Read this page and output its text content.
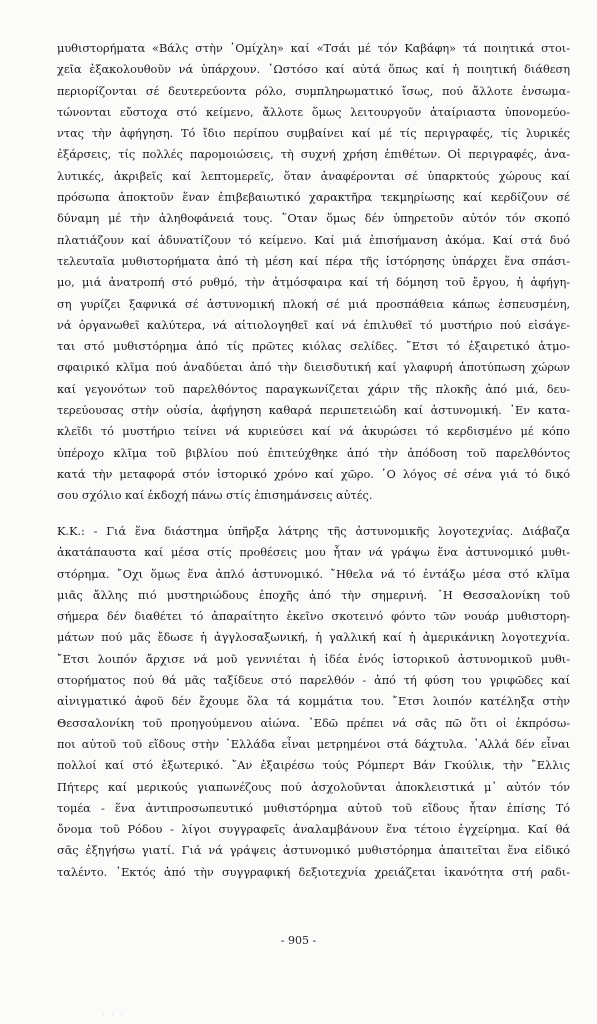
μυθιστορήματα «Βάλς στὴν ῾Ομίχλη» καί «Τσάι μέ τόν Καβάφη» τά ποιητικά στοι-
χεῖα ἐξακολουθοῦν νά ὑπάρχουν. ᾿Ωστόσο καί αὐτά ὅπως καί ἡ ποιητική διάθεση
περιορίζονται σέ δευτερεύοντα ρόλο, συμπληρωματικό ἴσως, πού ἄλλοτε ἐνσωμα-
τώνονται εὔστοχα στό κείμενο, ἄλλοτε ὅμως λειτουργοῦν ἀταίριαστα ὑπονομεύο-
ντας τὴν ἀφήγηση. Τό ἴδιο περίπου συμβαίνει καί μέ τίς περιγραφές, τίς λυρικές
ἐξάρσεις, τίς πολλές παρομοιώσεις, τὴ συχνή χρήση ἐπιθέτων. Οἱ περιγραφές, ἀνα-
λυτικές, ἀκριβεῖς καί λεπτομερεῖς, ὅταν ἀναφέρονται σέ ὑπαρκτούς χώρους καί
πρόσωπα ἀποκτοῦν ἕναν ἐπιβεβαιωτικό χαρακτῆρα τεκμηρίωσης καί κερδίζουν σέ
δύναμη μέ τὴν ἀληθοφάνειά τους. ῞Οταν ὅμως δέν ὑπηρετοῦν αὐτόν τόν σκοπό
πλατιάζουν καί ἀδυνατίζουν τό κείμενο. Καί μιά ἐπισήμανση ἀκόμα. Καί στά δυό
τελευταῖα μυθιστορήματα ἀπό τὴ μέση καί πέρα τῆς ἱστόρησης ὑπάρχει ἕνα σπάσι-
μο, μιά ἀνατροπή στό ρυθμό, τὴν ἀτμόσφαιρα καί τή δόμηση τοῦ ἔργου, ἡ ἀφήγη-
ση γυρίζει ξαφνικά σέ ἀστυνομική πλοκή σέ μιά προσπάθεια κάπως ἐσπευσμένη,
νά ὀργανωθεῖ καλύτερα, νά αἰτιολογηθεῖ καί νά ἐπιλυθεῖ τό μυστήριο πού εἰσάγε-
ται στό μυθιστόρημα ἀπό τίς πρῶτες κιόλας σελίδες. ῎Ετσι τό ἐξαιρετικό ἀτμο-
σφαιρικό κλῖμα πού ἀναδύεται ἀπό τὴν διεισδυτική καί γλαφυρή ἀποτύπωση χώρων
καί γεγονότων τοῦ παρελθόντος παραγκωνίζεται χάριν τῆς πλοκῆς ἀπό μιά, δευ-
τερεύουσας στὴν οὐσία, ἀφήγηση καθαρά περιπετειώδη καί ἀστυνομική. ᾿Εν κατα-
κλεῖδι τό μυστήριο τείνει νά κυριεύσει καί νά ἀκυρώσει τό κερδισμένο μέ κόπο
ὑπέροχο κλῖμα τοῦ βιβλίου πού ἐπιτεύχθηκε ἀπό τὴν ἀπόδοση τοῦ παρελθόντος
κατά τὴν μεταφορά στόν ἱστορικό χρόνο καί χῶρο. ῾Ο λόγος σέ σένα γιά τό δικό
σου σχόλιο καί ἐκδοχή πάνω στίς ἐπισημάνσεις αὐτές.
Κ.Κ.: - Γιά ἕνα διάστημα ὑπῆρξα λάτρης τῆς ἀστυνομικῆς λογοτεχνίας. Διάβαζα
ἀκατάπαυστα καί μέσα στίς προθέσεις μου ἦταν νά γράψω ἕνα ἀστυνομικό μυθι-
στόρημα. ῎Οχι ὅμως ἕνα ἁπλό ἀστυνομικό. ῎Ηθελα νά τό ἐντάξω μέσα στό κλῖμα
μιᾶς ἄλλης πιό μυστηριώδους ἐποχῆς ἀπό τὴν σημερινή. ῾Η Θεσσαλονίκη τοῦ
σήμερα δέν διαθέτει τό ἀπαραίτητο ἐκεῖνο σκοτεινό φόντο τῶν νουάρ μυθιστορη-
μάτων πού μᾶς ἔδωσε ἡ ἀγγλοσαξωνική, ἡ γαλλική καί ἡ ἀμερικάνικη λογοτεχνία.
῎Ετσι λοιπόν ἄρχισε νά μοῦ γεννιέται ἡ ἰδέα ἑνός ἱστορικοῦ ἀστυνομικοῦ μυθι-
στορήματος πού θά μᾶς ταξίδευε στό παρελθόν - ἀπό τή φύση του γριφῶδες καί
αἰνιγματικό ἀφοῦ δέν ἔχουμε ὅλα τά κομμάτια του. ῎Ετσι λοιπόν κατέληξα στὴν
Θεσσαλονίκη τοῦ προηγούμενου αἰώνα. ᾿Εδῶ πρέπει νά σᾶς πῶ ὅτι οἱ ἐκπρόσω-
ποι αὐτοῦ τοῦ εἴδους στὴν ῾Ελλάδα εἶναι μετρημένοι στά δάχτυλα. ᾿Αλλά δέν εἶναι
πολλοί καί στό ἐξωτερικό. ῎Αν ἐξαιρέσω τούς Ρόμπερτ Βάν Γκούλικ, τὴν ῎Ελλις
Πήτερς καί μερικούς γιαπωνέζους πού ἀσχολοῦνται ἀποκλειστικά μ᾿ αὐτόν τόν
τομέα - ἕνα ἀντιπροσωπευτικό μυθιστόρημα αὐτοῦ τοῦ εἴδους ἦταν ἐπίσης Τό
ὄνομα τοῦ Ρόδου - λίγοι συγγραφεῖς ἀναλαμβάνουν ἕνα τέτοιο ἐγχείρημα. Καί θά
σᾶς ἐξηγήσω γιατί. Γιά νά γράψεις ἀστυνομικό μυθιστόρημα ἀπαιτεῖται ἕνα εἰδικό
ταλέντο. ᾿Εκτός ἀπό τὴν συγγραφική δεξιοτεχνία χρειάζεται ἱκανότητα στή ραδι-
- 905 -
· · ·
